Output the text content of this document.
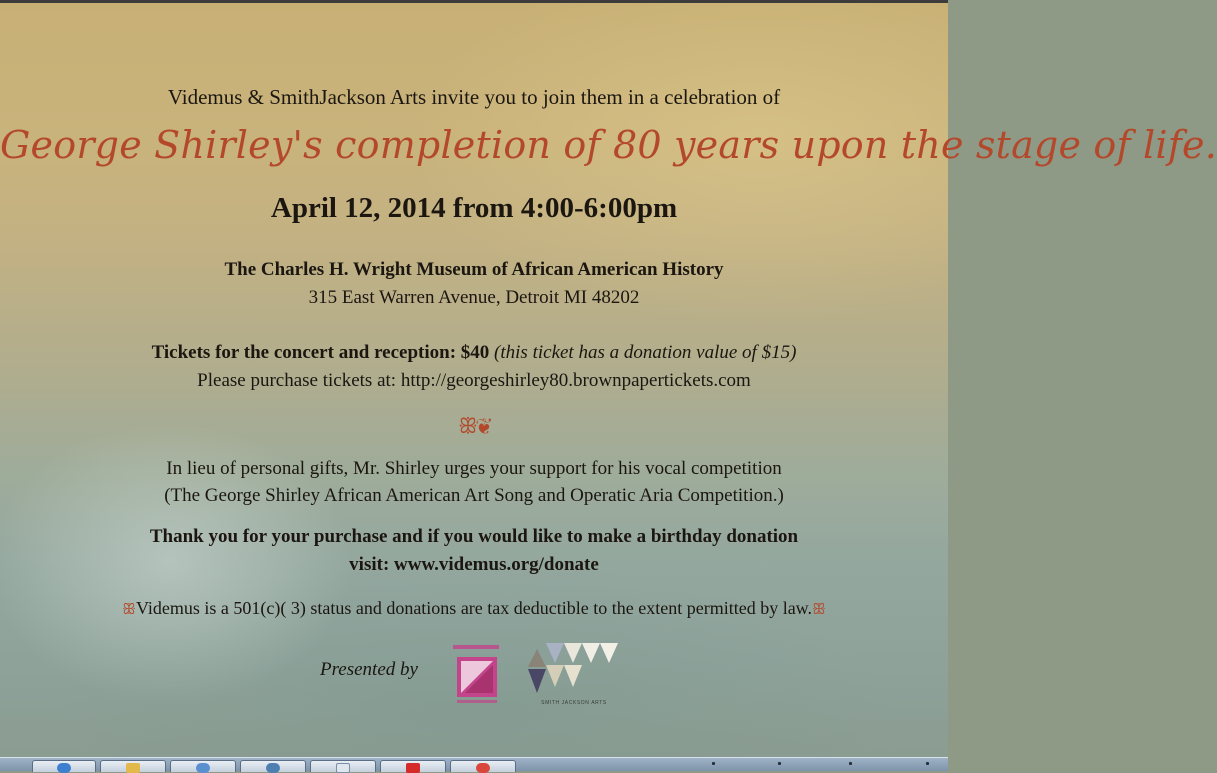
Videmus & SmithJackson Arts invite you to join them in a celebration of
George Shirley's completion of 80 years upon the stage of life.
April 12, 2014 from 4:00-6:00pm
The Charles H. Wright Museum of African American History
315 East Warren Avenue, Detroit MI 48202
Tickets for the concert and reception: $40 (this ticket has a donation value of $15)
Please purchase tickets at: http://georgeshirley80.brownpapertickets.com
ꕥ❦
In lieu of personal gifts, Mr. Shirley urges your support for his vocal competition
(The George Shirley African American Art Song and Operatic Aria Competition.)
Thank you for your purchase and if you would like to make a birthday donation
visit: www.videmus.org/donate
ꕥVidemus is a 501(c)( 3) status and donations are tax deductible to the extent permitted by law.ꕥ
Presented by
SMITH JACKSON ARTS
